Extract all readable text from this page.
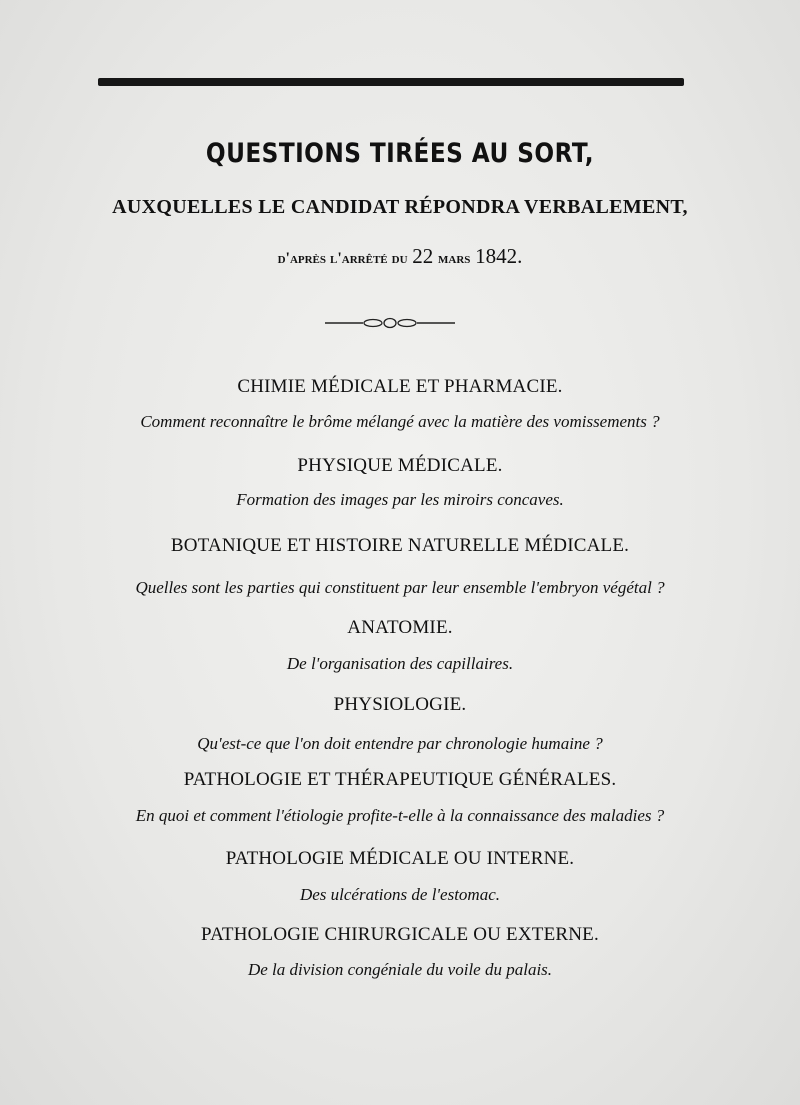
QUESTIONS TIRÉES AU SORT,
AUXQUELLES LE CANDIDAT RÉPONDRA VERBALEMENT,
d'après l'arrêté du 22 mars 1842.
CHIMIE MÉDICALE ET PHARMACIE.
Comment reconnaître le brôme mélangé avec la matière des vomissements ?
PHYSIQUE MÉDICALE.
Formation des images par les miroirs concaves.
BOTANIQUE ET HISTOIRE NATURELLE MÉDICALE.
Quelles sont les parties qui constituent par leur ensemble l'embryon végétal ?
ANATOMIE.
De l'organisation des capillaires.
PHYSIOLOGIE.
Qu'est-ce que l'on doit entendre par chronologie humaine ?
PATHOLOGIE ET THÉRAPEUTIQUE GÉNÉRALES.
En quoi et comment l'étiologie profite-t-elle à la connaissance des maladies ?
PATHOLOGIE MÉDICALE OU INTERNE.
Des ulcérations de l'estomac.
PATHOLOGIE CHIRURGICALE OU EXTERNE.
De la division congéniale du voile du palais.
